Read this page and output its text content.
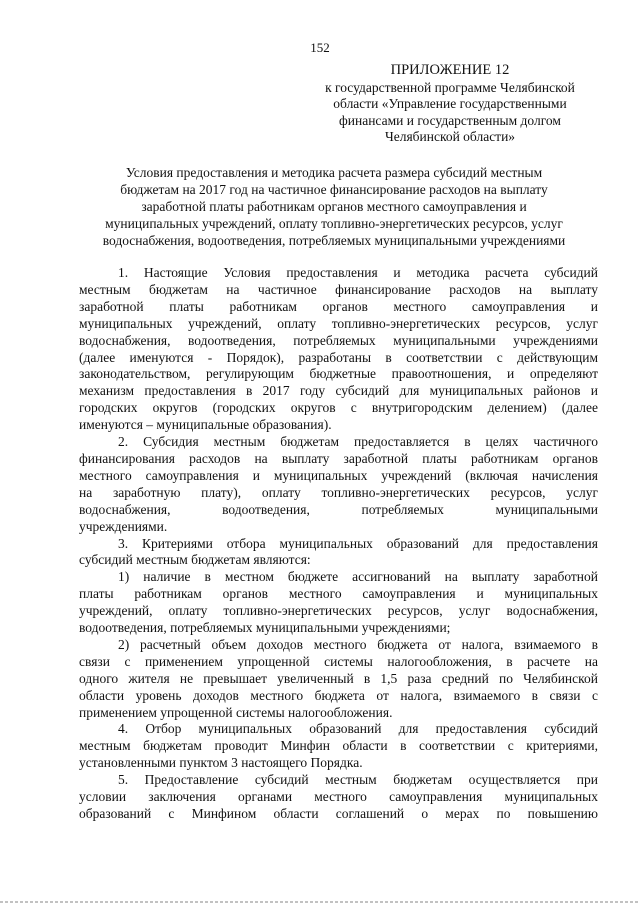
152
ПРИЛОЖЕНИЕ 12
к государственной программе Челябинской
области «Управление государственными
финансами и государственным долгом
Челябинской области»
Условия предоставления и методика расчета размера субсидий местным
бюджетам на 2017 год на частичное финансирование расходов на выплату
заработной платы работникам органов местного самоуправления и
муниципальных учреждений, оплату топливно-энергетических ресурсов, услуг
водоснабжения, водоотведения, потребляемых муниципальными учреждениями
1. Настоящие Условия предоставления и методика расчета субсидий
местным бюджетам на частичное финансирование расходов на выплату
заработной платы работникам органов местного самоуправления и
муниципальных учреждений, оплату топливно-энергетических ресурсов, услуг
водоснабжения, водоотведения, потребляемых муниципальными учреждениями
(далее именуются - Порядок), разработаны в соответствии с действующим
законодательством, регулирующим бюджетные правоотношения, и определяют
механизм предоставления в 2017 году субсидий для муниципальных районов и
городских округов (городских округов с внутригородским делением) (далее
именуются – муниципальные образования).
2. Субсидия местным бюджетам предоставляется в целях частичного
финансирования расходов на выплату заработной платы работникам органов
местного самоуправления и муниципальных учреждений (включая начисления
на заработную плату), оплату топливно-энергетических ресурсов, услуг
водоснабжения, водоотведения, потребляемых муниципальными
учреждениями.
3. Критериями отбора муниципальных образований для предоставления
субсидий местным бюджетам являются:
1) наличие в местном бюджете ассигнований на выплату заработной
платы работникам органов местного самоуправления и муниципальных
учреждений, оплату топливно-энергетических ресурсов, услуг водоснабжения,
водоотведения, потребляемых муниципальными учреждениями;
2) расчетный объем доходов местного бюджета от налога, взимаемого в
связи с применением упрощенной системы налогообложения, в расчете на
одного жителя не превышает увеличенный в 1,5 раза средний по Челябинской
области уровень доходов местного бюджета от налога, взимаемого в связи с
применением упрощенной системы налогообложения.
4. Отбор муниципальных образований для предоставления субсидий
местным бюджетам проводит Минфин области в соответствии с критериями,
установленными пунктом 3 настоящего Порядка.
5. Предоставление субсидий местным бюджетам осуществляется при
условии заключения органами местного самоуправления муниципальных
образований с Минфином области соглашений о мерах по повышению
